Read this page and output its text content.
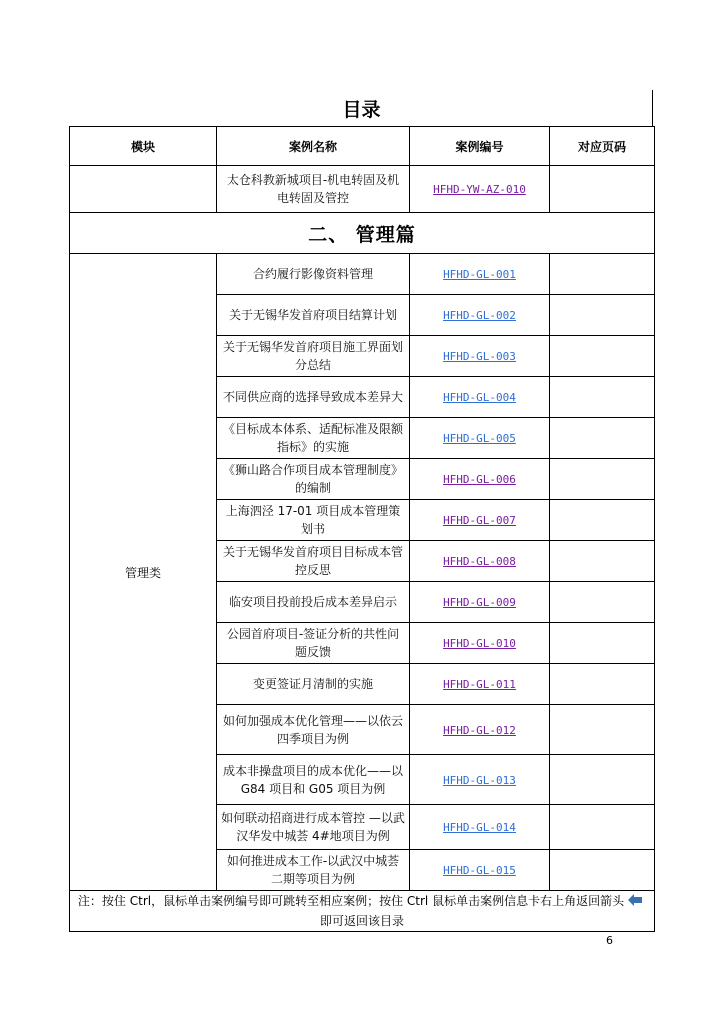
目录
模块	案例名称	案例编号	对应页码
	太仓科教新城项目-机电转固及机电转固及管控	HFHD-YW-AZ-010	
二、 管理篇			
管理类	合约履行影像资料管理	HFHD-GL-001	
	关于无锡华发首府项目结算计划	HFHD-GL-002	
	关于无锡华发首府项目施工界面划分总结	HFHD-GL-003	
	不同供应商的选择导致成本差异大	HFHD-GL-004	
	《目标成本体系、适配标准及限额指标》的实施	HFHD-GL-005	
	《狮山路合作项目成本管理制度》的编制	HFHD-GL-006	
	上海泗泾 17-01 项目成本管理策划书	HFHD-GL-007	
	关于无锡华发首府项目目标成本管控反思	HFHD-GL-008	
	临安项目投前投后成本差异启示	HFHD-GL-009	
	公园首府项目-签证分析的共性问题反馈	HFHD-GL-010	
	变更签证月清制的实施	HFHD-GL-011	
	如何加强成本优化管理——以依云四季项目为例	HFHD-GL-012	
	成本非操盘项目的成本优化——以 G84 项目和 G05 项目为例	HFHD-GL-013	
	如何联动招商进行成本管控 —以武汉华发中城荟 4#地项目为例	HFHD-GL-014	
	如何推进成本工作-以武汉中城荟二期等项目为例	HFHD-GL-015	
注：按住 Ctrl，鼠标单击案例编号即可跳转至相应案例；按住 Ctrl 鼠标单击案例信息卡右上角返回箭头即可返回该目录			
6
